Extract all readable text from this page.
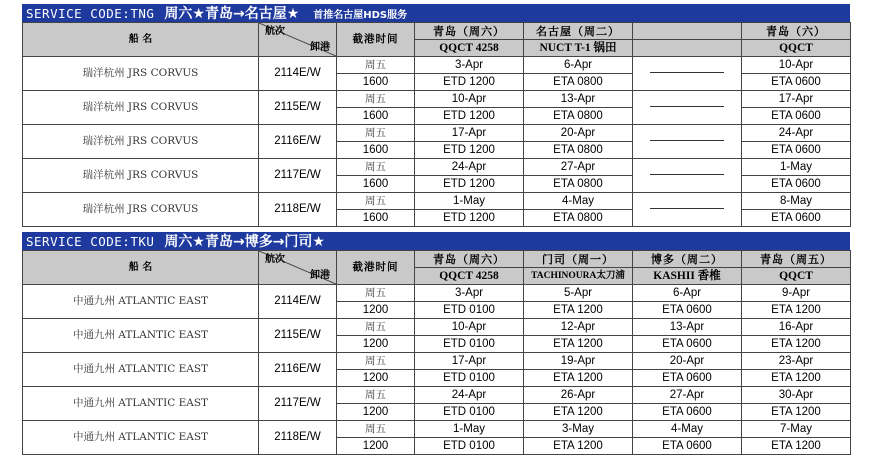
SERVICE CODE:TNG 周六★青岛→名古屋★ 首推名古屋HDS服务
船 名	航次
卸港	截港时间	青岛（周六）	名古屋（周二）		青岛（六）
			QQCT 4258	NUCT T-1 锅田		QQCT
瑞洋杭州 JRS CORVUS	2114E/W	周五	3-Apr	6-Apr		10-Apr
		1600	ETD 1200	ETA 0800		ETA 0600
瑞洋杭州 JRS CORVUS	2115E/W	周五	10-Apr	13-Apr		17-Apr
		1600	ETD 1200	ETA 0800		ETA 0600
瑞洋杭州 JRS CORVUS	2116E/W	周五	17-Apr	20-Apr		24-Apr
		1600	ETD 1200	ETA 0800		ETA 0600
瑞洋杭州 JRS CORVUS	2117E/W	周五	24-Apr	27-Apr		1-May
		1600	ETD 1200	ETA 0800		ETA 0600
瑞洋杭州 JRS CORVUS	2118E/W	周五	1-May	4-May		8-May
		1600	ETD 1200	ETA 0800		ETA 0600
SERVICE CODE:TKU 周六★青岛→博多→门司★
船 名	航次
卸港	截港时间	青岛（周六）	门司（周一）	博多（周二）	青岛（周五）
			QQCT 4258	TACHINOURA太刀浦	KASHII 香椎	QQCT
中通九州 ATLANTIC EAST	2114E/W	周五	3-Apr	5-Apr	6-Apr	9-Apr
		1200	ETD 0100	ETA 1200	ETA 0600	ETA 1200
中通九州 ATLANTIC EAST	2115E/W	周五	10-Apr	12-Apr	13-Apr	16-Apr
		1200	ETD 0100	ETA 1200	ETA 0600	ETA 1200
中通九州 ATLANTIC EAST	2116E/W	周五	17-Apr	19-Apr	20-Apr	23-Apr
		1200	ETD 0100	ETA 1200	ETA 0600	ETA 1200
中通九州 ATLANTIC EAST	2117E/W	周五	24-Apr	26-Apr	27-Apr	30-Apr
		1200	ETD 0100	ETA 1200	ETA 0600	ETA 1200
中通九州 ATLANTIC EAST	2118E/W	周五	1-May	3-May	4-May	7-May
		1200	ETD 0100	ETA 1200	ETA 0600	ETA 1200
